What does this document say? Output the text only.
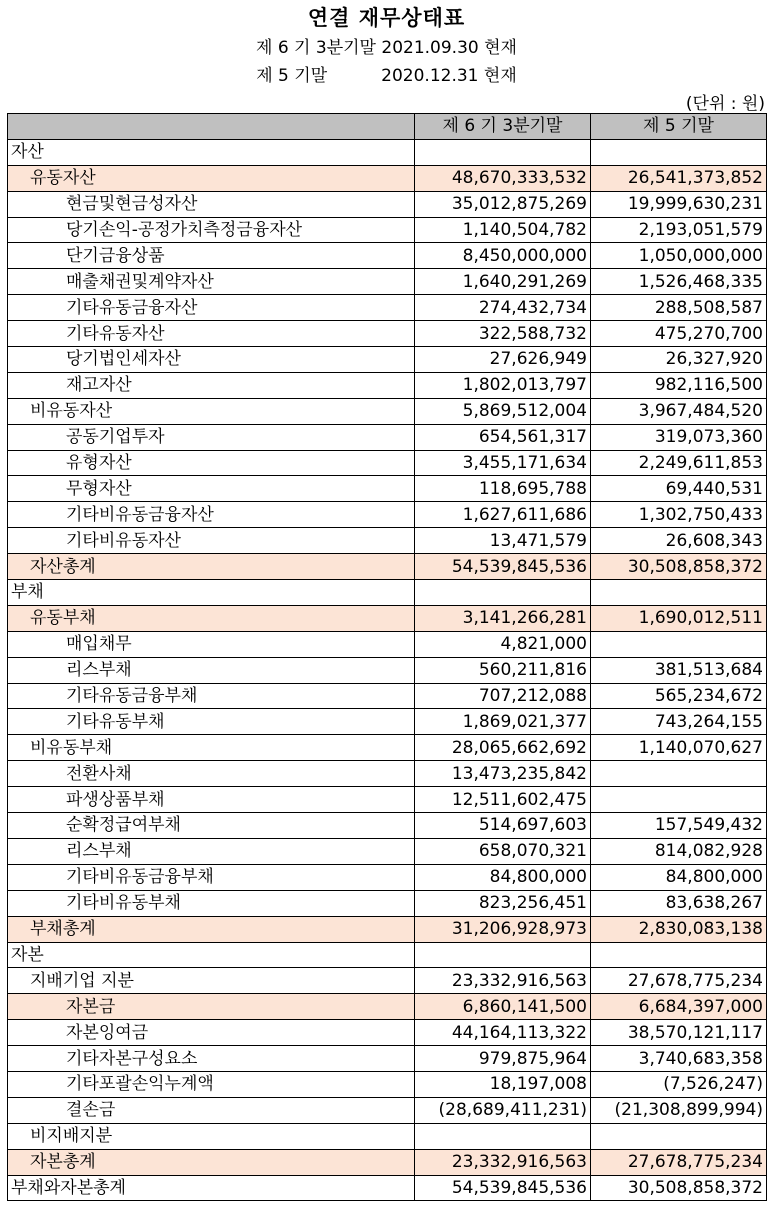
연결 재무상태표
제 6 기 3분기말 2021.09.30 현재
제 5 기말          2020.12.31 현재
(단위 : 원)
	제 6 기 3분기말	제 5 기말
자산		
유동자산	48,670,333,532	26,541,373,852
현금및현금성자산	35,012,875,269	19,999,630,231
당기손익-공정가치측정금융자산	1,140,504,782	2,193,051,579
단기금융상품	8,450,000,000	1,050,000,000
매출채권및계약자산	1,640,291,269	1,526,468,335
기타유동금융자산	274,432,734	288,508,587
기타유동자산	322,588,732	475,270,700
당기법인세자산	27,626,949	26,327,920
재고자산	1,802,013,797	982,116,500
비유동자산	5,869,512,004	3,967,484,520
공동기업투자	654,561,317	319,073,360
유형자산	3,455,171,634	2,249,611,853
무형자산	118,695,788	69,440,531
기타비유동금융자산	1,627,611,686	1,302,750,433
기타비유동자산	13,471,579	26,608,343
자산총계	54,539,845,536	30,508,858,372
부채		
유동부채	3,141,266,281	1,690,012,511
매입채무	4,821,000	
리스부채	560,211,816	381,513,684
기타유동금융부채	707,212,088	565,234,672
기타유동부채	1,869,021,377	743,264,155
비유동부채	28,065,662,692	1,140,070,627
전환사채	13,473,235,842	
파생상품부채	12,511,602,475	
순확정급여부채	514,697,603	157,549,432
리스부채	658,070,321	814,082,928
기타비유동금융부채	84,800,000	84,800,000
기타비유동부채	823,256,451	83,638,267
부채총계	31,206,928,973	2,830,083,138
자본		
지배기업 지분	23,332,916,563	27,678,775,234
자본금	6,860,141,500	6,684,397,000
자본잉여금	44,164,113,322	38,570,121,117
기타자본구성요소	979,875,964	3,740,683,358
기타포괄손익누계액	18,197,008	(7,526,247)
결손금	(28,689,411,231)	(21,308,899,994)
비지배지분		
자본총계	23,332,916,563	27,678,775,234
부채와자본총계	54,539,845,536	30,508,858,372
